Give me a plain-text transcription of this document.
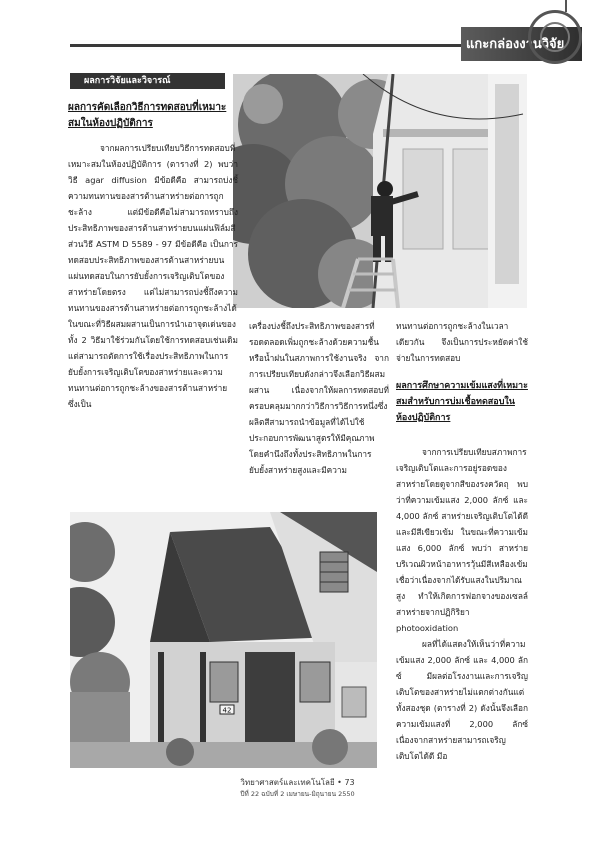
แกะกล่องงานวิจัย
ผลการวิจัยและวิจารณ์
ผลการคัดเลือกวิธีการทดสอบที่เหมาะสมในห้องปฏิบัติการ
จากผลการเปรียบเทียบวิธีการทดสอบที่เหมาะสมในห้องปฏิบัติการ (ตารางที่ 2) พบว่า วิธี agar diffusion มีข้อดีคือ สามารถบ่งชี้ความทนทานของสารต้านสาหร่ายต่อการถูกชะล้าง แต่มีข้อดีคือไม่สามารถทราบถึงประสิทธิภาพของสารต้านสาหร่ายบนแผ่นฟิล์มสี ส่วนวิธี ASTM D 5589 - 97 มีข้อดีคือ เป็นการทดสอบประสิทธิภาพของสารต้านสาหร่ายบนแผ่นทดสอบในการยับยั้งการเจริญเติบโตของสาหร่ายโดยตรง แต่ไม่สามารถบ่งชี้ถึงความทนทานของสารต้านสาหร่ายต่อการถูกชะล้างได้ ในขณะที่วิธีผสมผสานเป็นการนำเอาจุดเด่นของทั้ง 2 วิธีมาใช้ร่วมกันโดยใช้การทดสอบเช่นเดิม แต่สามารถตัดการใช้เรื่องประสิทธิภาพในการยับยั้งการเจริญเติบโตของสาหร่ายและความทนทานต่อการถูกชะล้างของสารต้านสาหร่าย ซึ่งเป็น
เครื่องบ่งชี้ถึงประสิทธิภาพของสารที่รอดตลอดเพิ่มถูกชะล้างด้วยความชื้นหรือน้ำฝนในสภาพการใช้งานจริง จากการเปรียบเทียบดังกล่าวจึงเลือกวิธีผสมผสาน เนื่องจากให้ผลการทดสอบที่ครอบคลุมมากกว่าวิธีการวิธีการหนึ่งซึ่งผลิตสีสามารถนำข้อมูลที่ได้ไปใช้ประกอบการพัฒนาสูตรให้มีคุณภาพโดยคำนึงถึงทั้งประสิทธิภาพในการยับยั้งสาหร่ายสูงและมีความ
ทนทานต่อการถูกชะล้างในเวลาเดียวกัน จึงเป็นการประหยัดค่าใช้จ่ายในการทดสอบ
ผลการศึกษาความเข้มแสงที่เหมาะสมสำหรับการบ่มเชื้อทดสอบในห้องปฏิบัติการ
จากการเปรียบเทียบสภาพการเจริญเติบโตและการอยู่รอดของสาหร่ายโดยดูจากสีของรงควัตถุ พบว่าที่ความเข้มแสง 2,000 ลักซ์ และ 4,000 ลักซ์ สาหร่ายเจริญเติบโตได้ดีและมีสีเขียวเข้ม ในขณะที่ความเข้มแสง 6,000 ลักซ์ พบว่า สาหร่ายบริเวณผิวหน้าอาหารวุ้นมีสีเหลืองเข้ม เชื่อว่าเนื่องจากได้รับแสงในปริมาณสูง ทำให้เกิดการฟอกจางของเซลล์สาหร่ายจากปฏิกิริยา photooxidation
ผลที่ได้แสดงให้เห็นว่าที่ความเข้มแสง 2,000 ลักซ์ และ 4,000 ลักซ์ มีผลต่อโรงงานและการเจริญเติบโตของสาหร่ายไม่แตกต่างกันแต่ทั้งสองชุด (ตารางที่ 2) ดังนั้นจึงเลือกความเข้มแสงที่ 2,000 ลักซ์ เนื่องจากสาหร่ายสามารถเจริญเติบโตได้ดี มีอ
42
วิทยาศาสตร์และเทคโนโลยี • 73
ปีที่ 22 ฉบับที่ 2 เมษายน-มิถุนายน 2550
